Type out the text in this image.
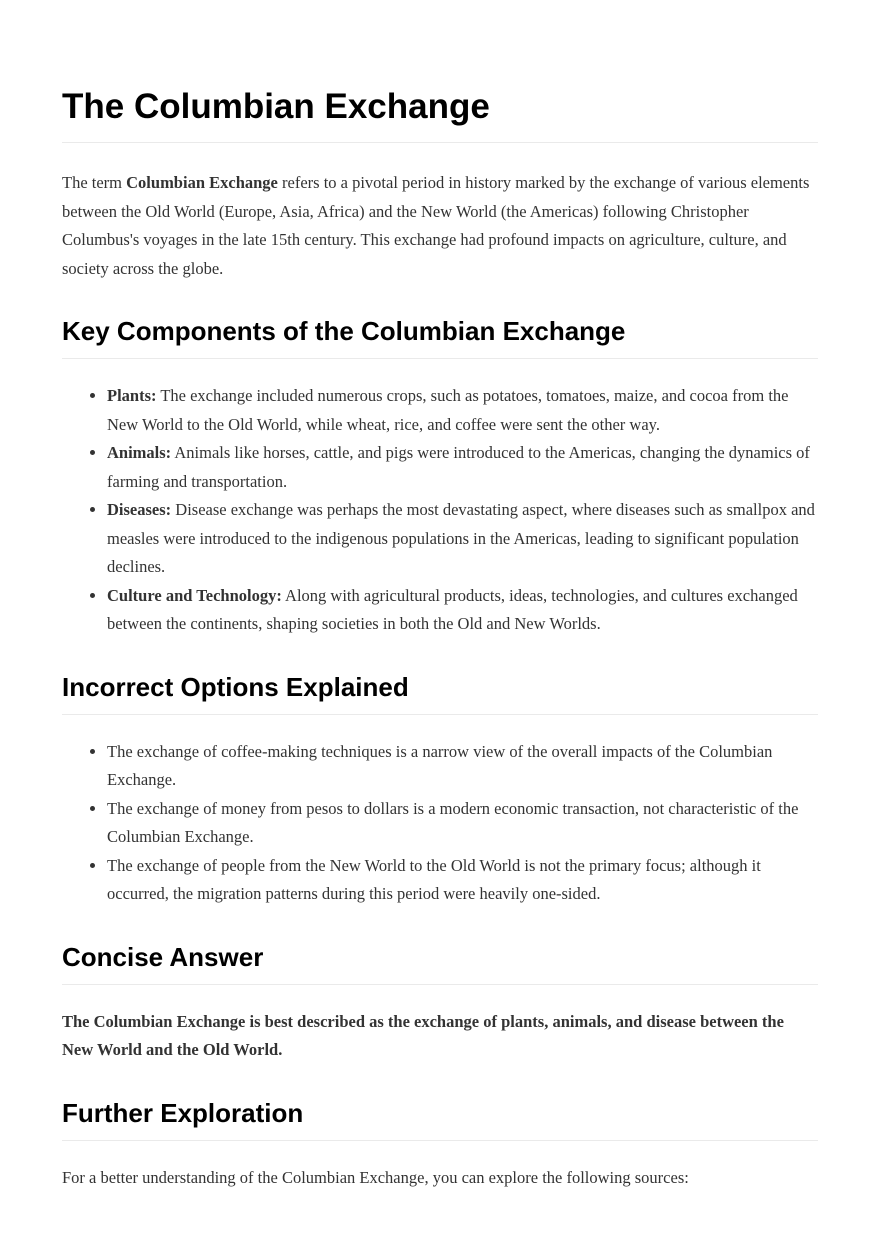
The Columbian Exchange

The term Columbian Exchange refers to a pivotal period in history marked by the exchange of various elements between the Old World (Europe, Asia, Africa) and the New World (the Americas) following Christopher Columbus's voyages in the late 15th century. This exchange had profound impacts on agriculture, culture, and society across the globe.

Key Components of the Columbian Exchange
• Plants: The exchange included numerous crops, such as potatoes, tomatoes, maize, and cocoa from the New World to the Old World, while wheat, rice, and coffee were sent the other way.
• Animals: Animals like horses, cattle, and pigs were introduced to the Americas, changing the dynamics of farming and transportation.
• Diseases: Disease exchange was perhaps the most devastating aspect, where diseases such as smallpox and measles were introduced to the indigenous populations in the Americas, leading to significant population declines.
• Culture and Technology: Along with agricultural products, ideas, technologies, and cultures exchanged between the continents, shaping societies in both the Old and New Worlds.
Incorrect Options Explained
• The exchange of coffee-making techniques is a narrow view of the overall impacts of the Columbian Exchange.
• The exchange of money from pesos to dollars is a modern economic transaction, not characteristic of the Columbian Exchange.
• The exchange of people from the New World to the Old World is not the primary focus; although it occurred, the migration patterns during this period were heavily one-sided.
Concise Answer

The Columbian Exchange is best described as the exchange of plants, animals, and disease between the New World and the Old World.

Further Exploration

For a better understanding of the Columbian Exchange, you can explore the following sources:
